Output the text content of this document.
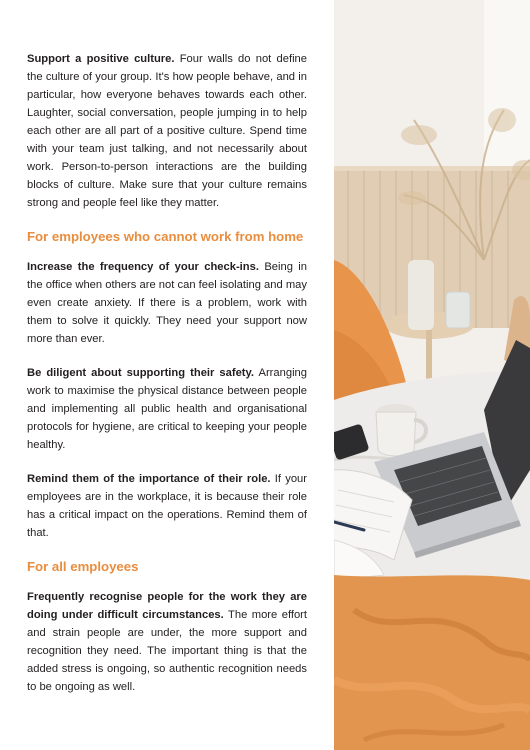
Support a positive culture. Four walls do not define the culture of your group. It's how people behave, and in particular, how everyone behaves towards each other. Laughter, social conversation, people jumping in to help each other are all part of a positive culture. Spend time with your team just talking, and not necessarily about work. Person-to-person interactions are the building blocks of culture. Make sure that your culture remains strong and people feel like they matter.

For employees who cannot work from home

Increase the frequency of your check-ins. Being in the office when others are not can feel isolating and may even create anxiety. If there is a problem, work with them to solve it quickly. They need your support now more than ever.

Be diligent about supporting their safety. Arranging work to maximise the physical distance between people and implementing all public health and organisational protocols for hygiene, are critical to keeping your people healthy.

Remind them of the importance of their role. If your employees are in the workplace, it is because their role has a critical impact on the operations. Remind them of that.

For all employees

Frequently recognise people for the work they are doing under difficult circumstances. The more effort and strain people are under, the more support and recognition they need. The important thing is that the added stress is ongoing, so authentic recognition needs to be ongoing as well.
